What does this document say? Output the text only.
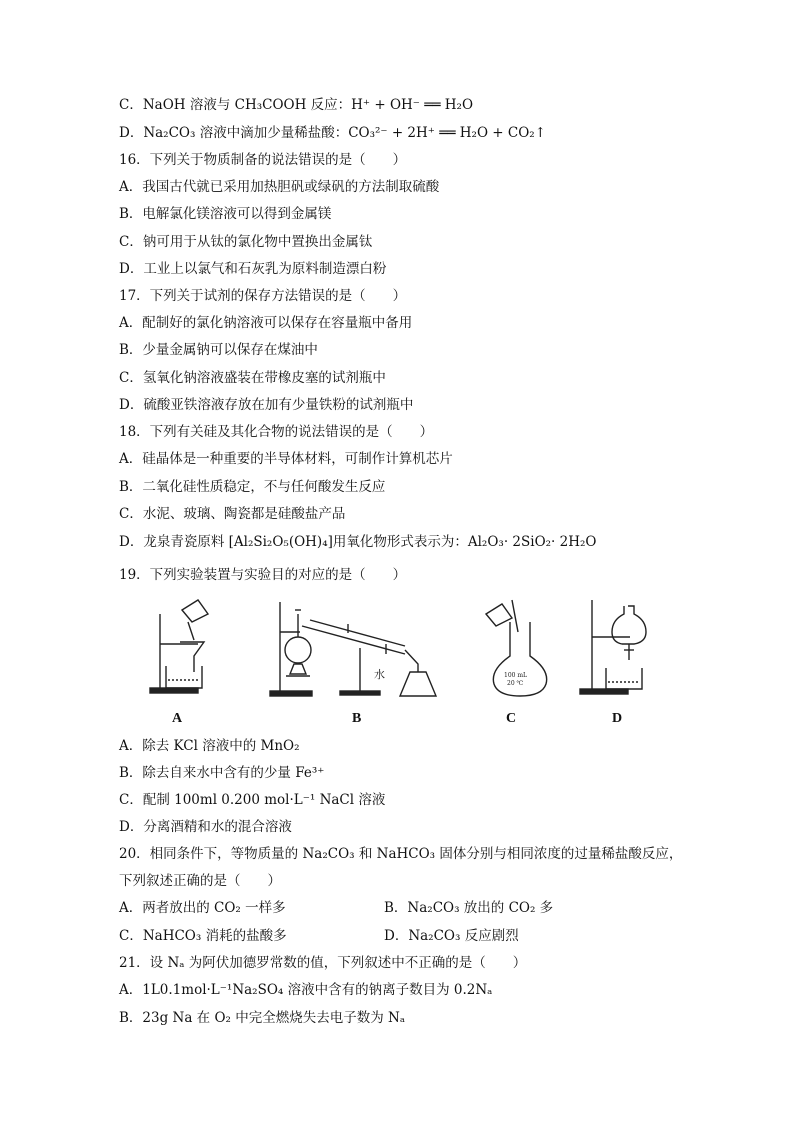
C．NaOH 溶液与 CH₃COOH 反应：H⁺ + OH⁻ ══ H₂O
D．Na₂CO₃ 溶液中滴加少量稀盐酸：CO₃²⁻ + 2H⁺ ══ H₂O + CO₂↑
16．下列关于物质制备的说法错误的是（　　）
A．我国古代就已采用加热胆矾或绿矾的方法制取硫酸
B．电解氯化镁溶液可以得到金属镁
C．钠可用于从钛的氯化物中置换出金属钛
D．工业上以氯气和石灰乳为原料制造漂白粉
17．下列关于试剂的保存方法错误的是（　　）
A．配制好的氯化钠溶液可以保存在容量瓶中备用
B．少量金属钠可以保存在煤油中
C．氢氧化钠溶液盛装在带橡皮塞的试剂瓶中
D．硫酸亚铁溶液存放在加有少量铁粉的试剂瓶中
18．下列有关硅及其化合物的说法错误的是（　　）
A．硅晶体是一种重要的半导体材料，可制作计算机芯片
B．二氧化硅性质稳定，不与任何酸发生反应
C．水泥、玻璃、陶瓷都是硅酸盐产品
D．龙泉青瓷原料 [Al₂Si₂O₅(OH)₄]用氧化物形式表示为：Al₂O₃· 2SiO₂· 2H₂O
19．下列实验装置与实验目的对应的是（　　）
水	100 mL
20 ℃
A	B	C	D
A．除去 KCl 溶液中的 MnO₂
B．除去自来水中含有的少量 Fe³⁺
C．配制 100ml 0.200 mol·L⁻¹ NaCl 溶液
D．分离酒精和水的混合溶液
20．相同条件下，等物质量的 Na₂CO₃ 和 NaHCO₃ 固体分别与相同浓度的过量稀盐酸反应，
下列叙述正确的是（　　）
A．两者放出的 CO₂ 一样多	B．Na₂CO₃ 放出的 CO₂ 多
C．NaHCO₃ 消耗的盐酸多	D．Na₂CO₃ 反应剧烈
21．设 Nₐ 为阿伏加德罗常数的值，下列叙述中不正确的是（　　）
A．1L0.1mol·L⁻¹Na₂SO₄ 溶液中含有的钠离子数目为 0.2Nₐ
B．23g Na 在 O₂ 中完全燃烧失去电子数为 Nₐ
